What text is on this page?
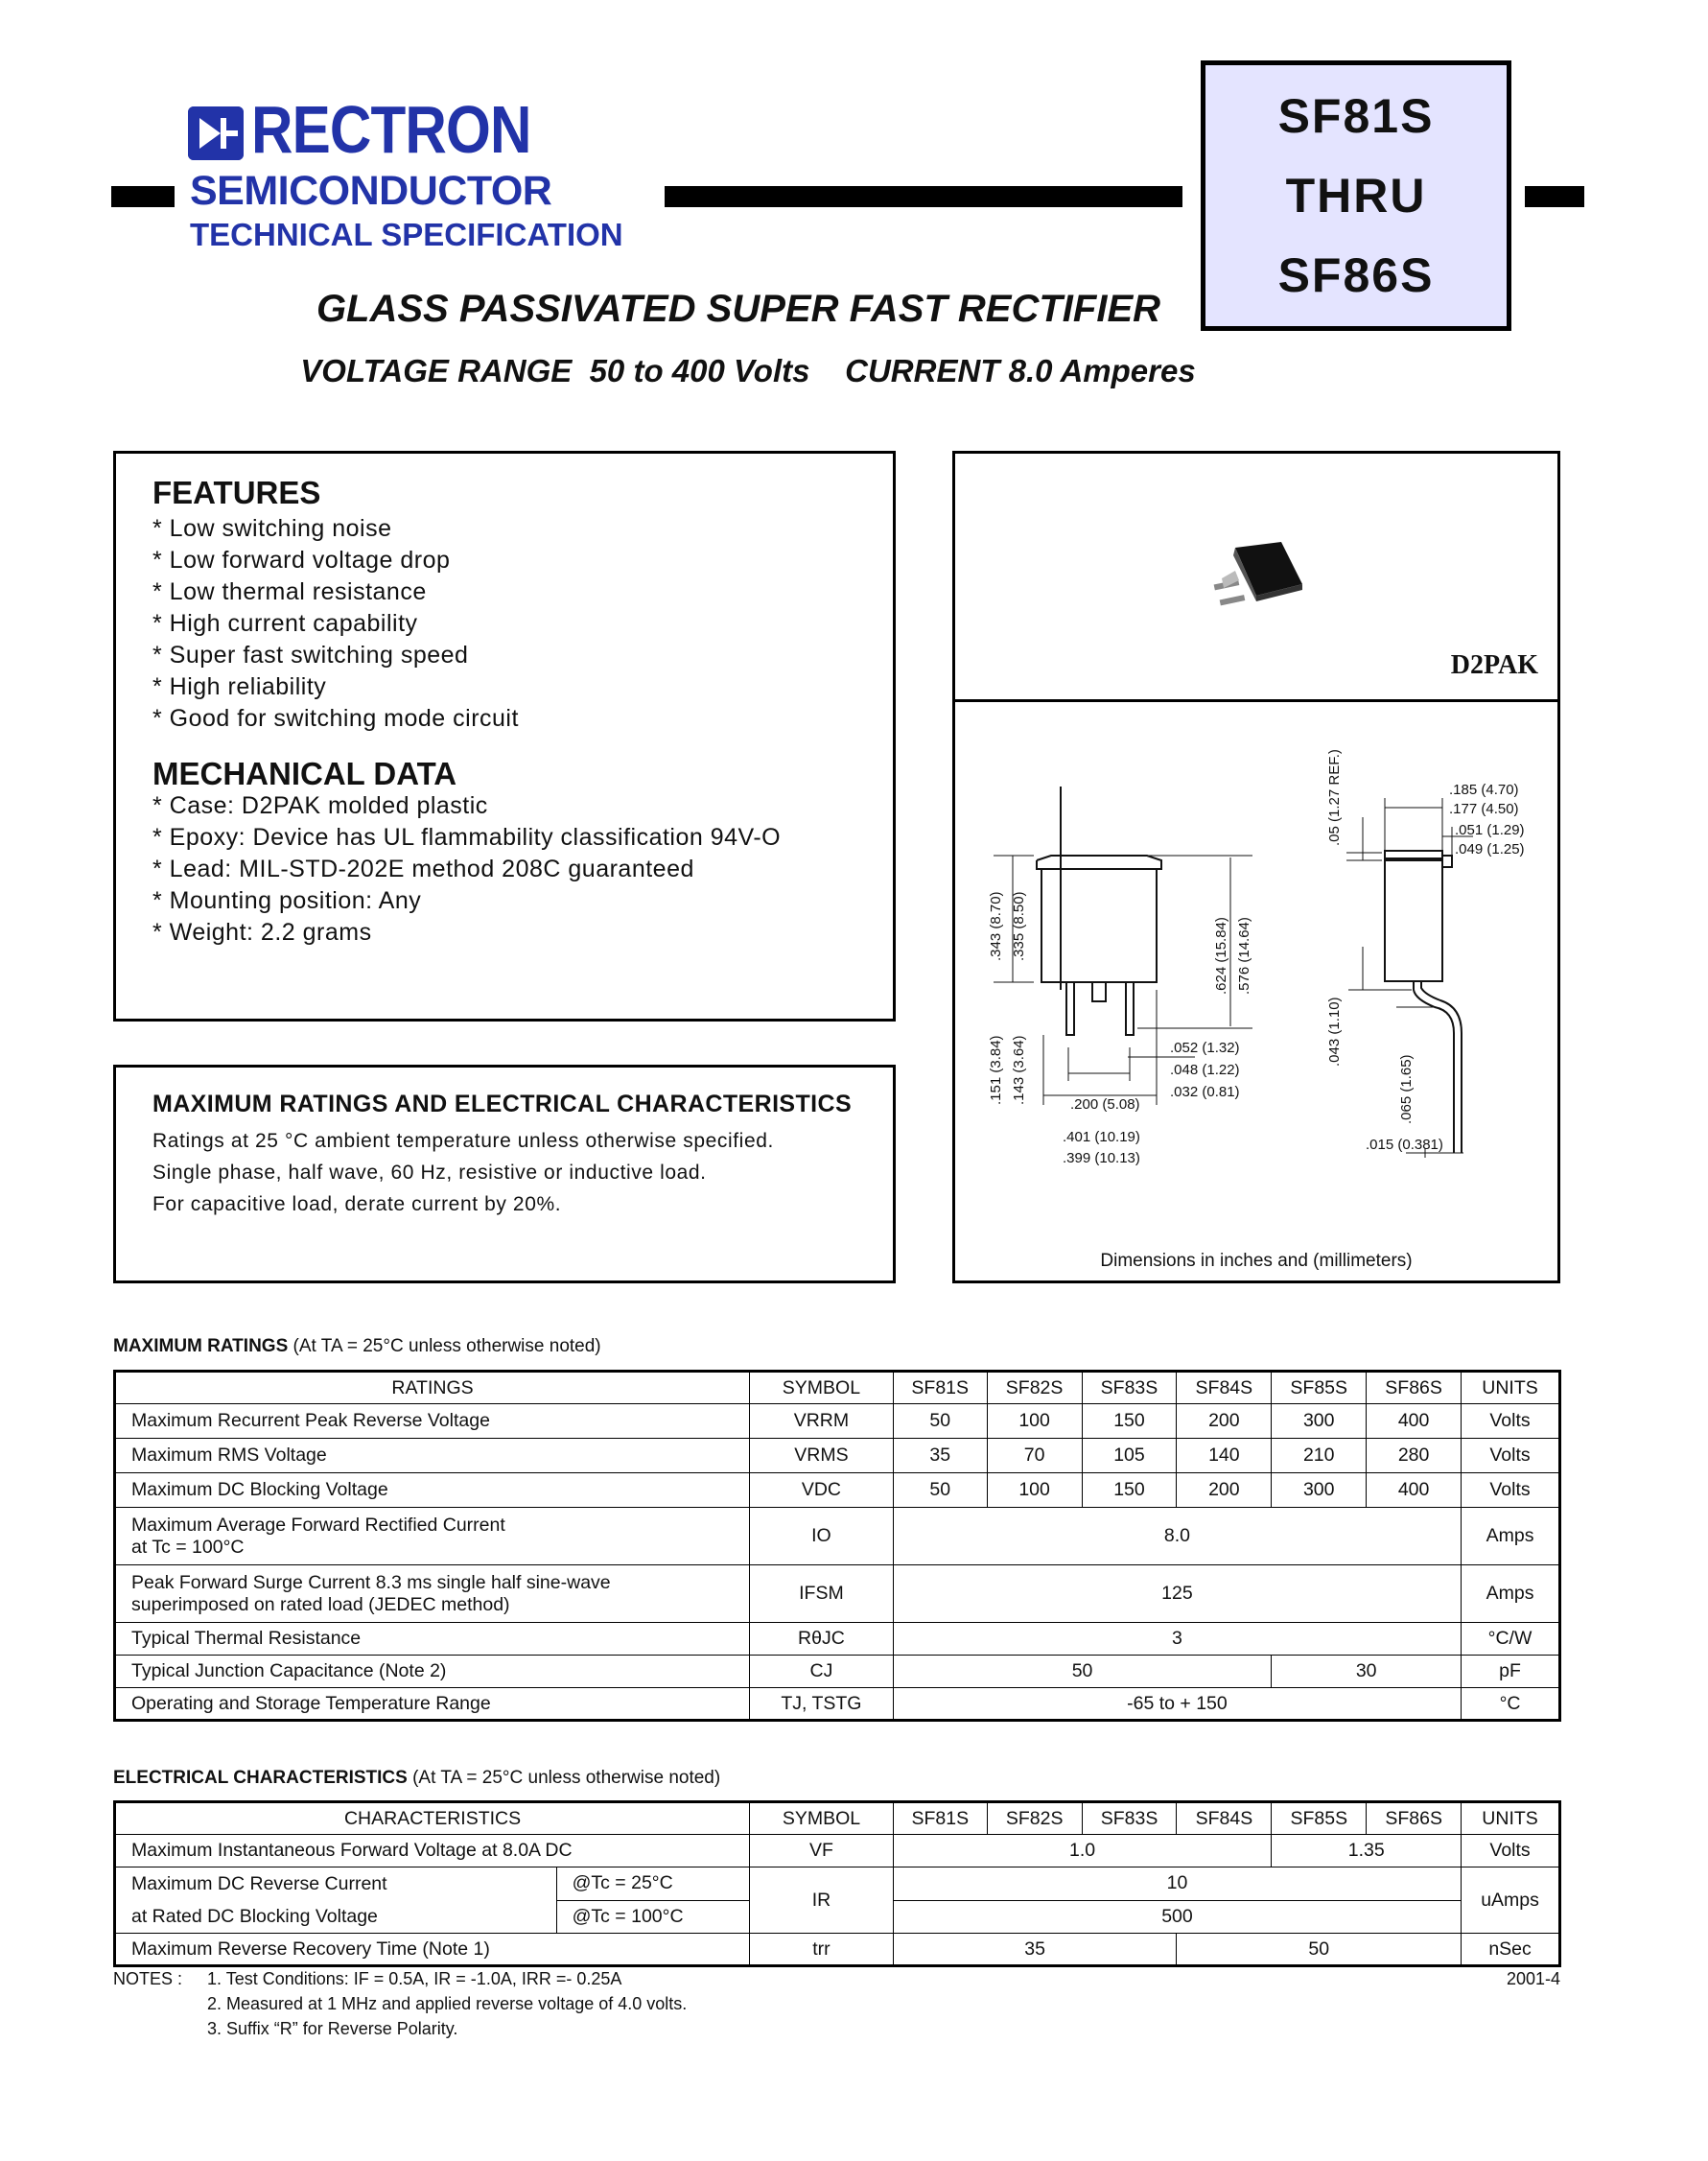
RECTRON
SEMICONDUCTOR
TECHNICAL SPECIFICATION
SF81S
THRU
SF86S
GLASS PASSIVATED SUPER FAST RECTIFIER
VOLTAGE RANGE  50 to 400 Volts    CURRENT 8.0 Amperes
FEATURES
* Low switching noise
* Low forward voltage drop
* Low thermal resistance
* High current capability
* Super fast switching speed
* High reliability
* Good for switching mode circuit
MECHANICAL DATA
* Case: D2PAK molded plastic
* Epoxy: Device has UL flammability classification 94V-O
* Lead: MIL-STD-202E method 208C guaranteed
* Mounting position: Any
* Weight: 2.2 grams
MAXIMUM RATINGS AND ELECTRICAL CHARACTERISTICS
Ratings at 25 °C ambient temperature unless otherwise specified.
Single phase, half wave, 60 Hz, resistive or inductive load.
For capacitive load, derate current by 20%.
D2PAK
.185 (4.70)
.177 (4.50)
.051 (1.29)
.049 (1.25)
.05 (1.27 REF.)
.343 (8.70) .335 (8.50)	.624 (15.84) .576 (14.64)
.043 (1.10)
.151 (3.84) .143 (3.64)	.052 (1.32)
.048 (1.22)
.032 (0.81)
.200 (5.08)
.401 (10.19)
.399 (10.13)
.065 (1.65)
.015 (0.381)
Dimensions in inches and (millimeters)
MAXIMUM RATINGS (At TA = 25°C unless otherwise noted)
RATINGS	SYMBOL	SF81S	SF82S	SF83S	SF84S	SF85S	SF86S	UNITS
Maximum Recurrent Peak Reverse Voltage	VRRM	50	100	150	200	300	400	Volts
Maximum RMS Voltage	VRMS	35	70	105	140	210	280	Volts
Maximum DC Blocking Voltage	VDC	50	100	150	200	300	400	Volts

Maximum Average Forward Rectified Current
at Tc = 100°C	IO	8.0						Amps

Peak Forward Surge Current 8.3 ms single half sine-wave
superimposed on rated load (JEDEC method)	IFSM	125						Amps
Typical Thermal Resistance	RθJC	3						°C/W
Typical Junction Capacitance (Note 2)	CJ	50				30		pF
Operating and Storage Temperature Range	TJ, TSTG	-65 to + 150						°C
ELECTRICAL CHARACTERISTICS (At TA = 25°C unless otherwise noted)
CHARACTERISTICS		SYMBOL	SF81S	SF82S	SF83S	SF84S	SF85S	SF86S	UNITS
Maximum Instantaneous Forward Voltage at 8.0A DC		VF	1.0				1.35		Volts

Maximum DC Reverse Current
at Rated DC Blocking Voltage	@Tc = 25°C	IR	10						uAmps
	@Tc = 100°C		500						
Maximum Reverse Recovery Time (Note 1)		trr	35			50			nSec
NOTES : 1. Test Conditions: IF = 0.5A, IR = -1.0A, IRR =- 0.25A
2. Measured at 1 MHz and applied reverse voltage of 4.0 volts.
3. Suffix “R” for Reverse Polarity.
2001-4
